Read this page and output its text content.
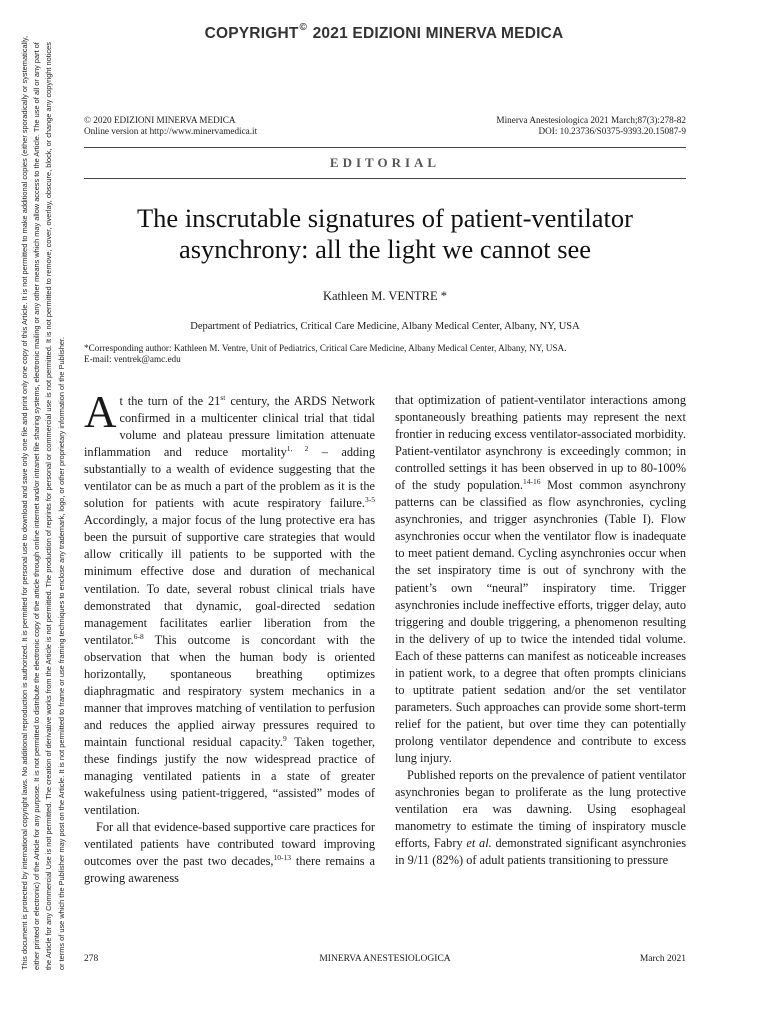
COPYRIGHT© 2021 EDIZIONI MINERVA MEDICA
This document is protected by international copyright laws. No additional reproduction is authorized. It is permitted for personal use to download and save only one file and print only one copy of this Article. It is not permitted to make additional copies (either sporadically or systematically, either printed or electronic) of the Article for any purpose. It is not permitted to distribute the electronic copy of the article through online internet and/or intranet file sharing systems, electronic mailing or any other means which may allow access to the Article. The use of all or any part of the Article for any Commercial Use is not permitted. The creation of derivative works from the Article is not permitted. The production of reprints for personal or commercial use is not permitted. It is not permitted to remove, cover, overlay, obscure, block, or change any copyright notices or terms of use which the Publisher may post on the Article. It is not permitted to frame or use framing techniques to enclose any trademark, logo, or other proprietary information of the Publisher.
© 2020 EDIZIONI MINERVA MEDICA
Online version at http://www.minervamedica.it
Minerva Anestesiologica 2021 March;87(3):278-82
DOI: 10.23736/S0375-9393.20.15087-9
EDITORIAL
The inscrutable signatures of patient-ventilator
asynchrony: all the light we cannot see
Kathleen M. VENTRE *
Department of Pediatrics, Critical Care Medicine, Albany Medical Center, Albany, NY, USA
*Corresponding author: Kathleen M. Ventre, Unit of Pediatrics, Critical Care Medicine, Albany Medical Center, Albany, NY, USA.
E-mail: ventrek@amc.edu

At the turn of the 21st century, the ARDS Network confirmed in a multicenter clinical trial that tidal volume and plateau pressure limitation attenuate inflammation and reduce mortality$^{1, 2}$ – adding substantially to a wealth of evidence suggesting that the ventilator can be as much a part of the problem as it is the solution for patients with acute respiratory failure.$^{3-5}$ Accordingly, a major focus of the lung protective era has been the pursuit of supportive care strategies that would allow critically ill patients to be supported with the minimum effective dose and duration of mechanical ventilation. To date, several robust clinical trials have demonstrated that dynamic, goal-directed sedation management facilitates earlier liberation from the ventilator.$^{6-8}$ This outcome is concordant with the observation that when the human body is oriented horizontally, spontaneous breathing optimizes diaphragmatic and respiratory system mechanics in a manner that improves matching of ventilation to perfusion and reduces the applied airway pressures required to maintain functional residual capacity.$^9$ Taken together, these findings justify the now widespread practice of managing ventilated patients in a state of greater wakefulness using patient-triggered, “assisted” modes of ventilation.

For all that evidence-based supportive care practices for ventilated patients have contributed toward improving outcomes over the past two decades,$^{10-13}$ there remains a growing awareness

that optimization of patient-ventilator interactions among spontaneously breathing patients may represent the next frontier in reducing excess ventilator-associated morbidity. Patient-ventilator asynchrony is exceedingly common; in controlled settings it has been observed in up to 80-100% of the study population.$^{14-16}$ Most common asynchrony patterns can be classified as flow asynchronies, cycling asynchronies, and trigger asynchronies (Table I). Flow asynchronies occur when the ventilator flow is inadequate to meet patient demand. Cycling asynchronies occur when the set inspiratory time is out of synchrony with the patient’s own “neural” inspiratory time. Trigger asynchronies include ineffective efforts, trigger delay, auto triggering and double triggering, a phenomenon resulting in the delivery of up to twice the intended tidal volume. Each of these patterns can manifest as noticeable increases in patient work, to a degree that often prompts clinicians to uptitrate patient sedation and/or the set ventilator parameters. Such approaches can provide some short-term relief for the patient, but over time they can potentially prolong ventilator dependence and contribute to excess lung injury.

Published reports on the prevalence of patient ventilator asynchronies began to proliferate as the lung protective ventilation era was dawning. Using esophageal manometry to estimate the timing of inspiratory muscle efforts, Fabry et al. demonstrated significant asynchronies in 9/11 (82%) of adult patients transitioning to pressure

MINERVA ANESTESIOLOGICA
278	March 2021
